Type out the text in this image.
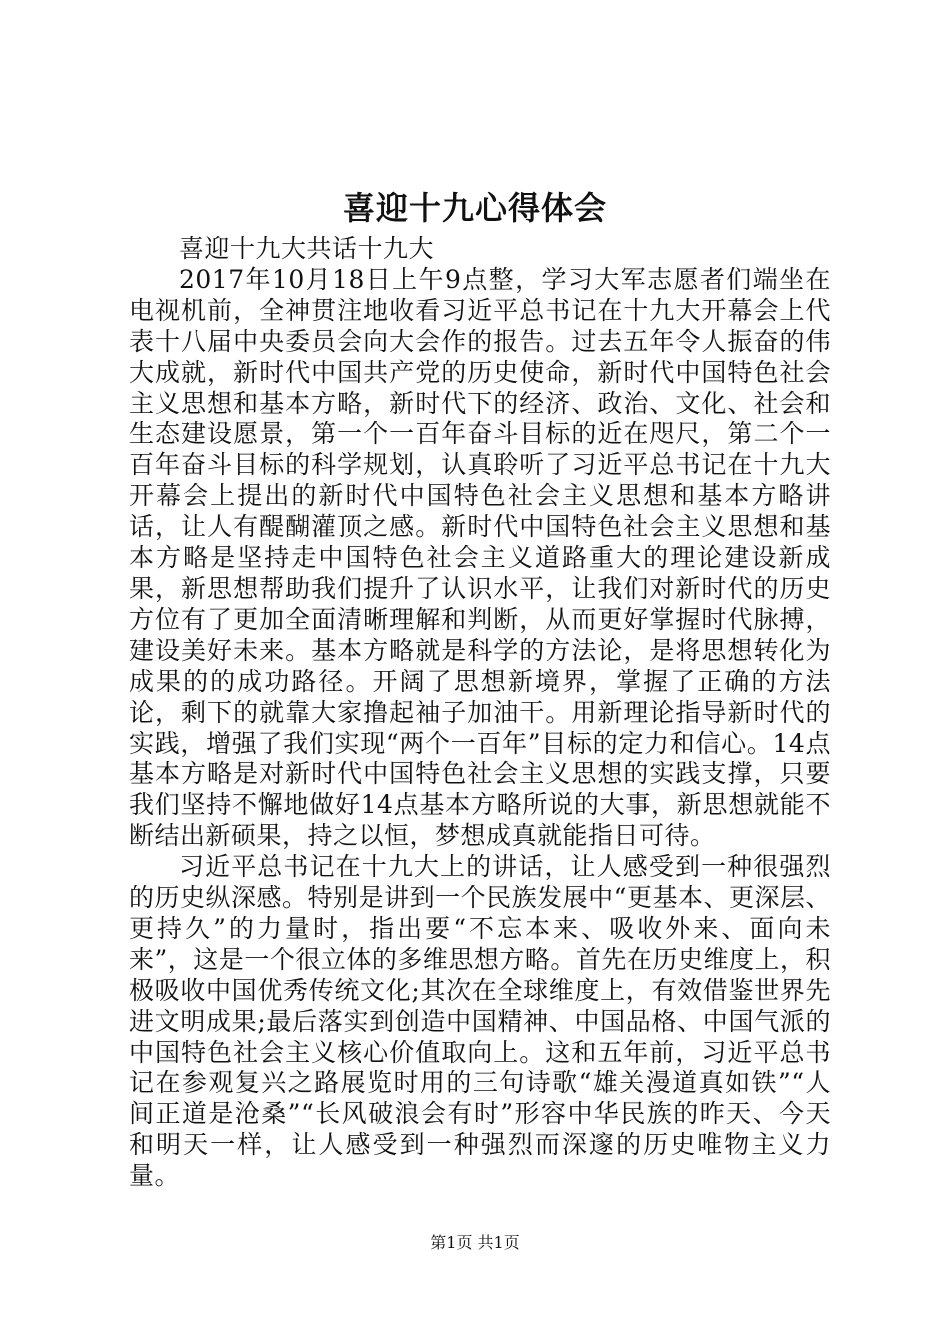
喜迎十九心得体会

喜迎十九大共话十九大

2017年10月18日上午9点整，学习大军志愿者们端坐在电视机前，全神贯注地收看习近平总书记在十九大开幕会上代表十八届中央委员会向大会作的报告。过去五年令人振奋的伟大成就，新时代中国共产党的历史使命，新时代中国特色社会主义思想和基本方略，新时代下的经济、政治、文化、社会和生态建设愿景，第一个一百年奋斗目标的近在咫尺，第二个一百年奋斗目标的科学规划，认真聆听了习近平总书记在十九大开幕会上提出的新时代中国特色社会主义思想和基本方略讲话，让人有醍醐灌顶之感。新时代中国特色社会主义思想和基本方略是坚持走中国特色社会主义道路重大的理论建设新成果，新思想帮助我们提升了认识水平，让我们对新时代的历史方位有了更加全面清晰理解和判断，从而更好掌握时代脉搏，建设美好未来。基本方略就是科学的方法论，是将思想转化为成果的的成功路径。开阔了思想新境界，掌握了正确的方法论，剩下的就靠大家撸起袖子加油干。用新理论指导新时代的实践，增强了我们实现“两个一百年”目标的定力和信心。14点基本方略是对新时代中国特色社会主义思想的实践支撑，只要我们坚持不懈地做好14点基本方略所说的大事，新思想就能不断结出新硕果，持之以恒，梦想成真就能指日可待。

习近平总书记在十九大上的讲话，让人感受到一种很强烈的历史纵深感。特别是讲到一个民族发展中“更基本、更深层、更持久”的力量时，指出要“不忘本来、吸收外来、面向未来”，这是一个很立体的多维思想方略。首先在历史维度上，积极吸收中国优秀传统文化;其次在全球维度上，有效借鉴世界先进文明成果;最后落实到创造中国精神、中国品格、中国气派的中国特色社会主义核心价值取向上。这和五年前，习近平总书记在参观复兴之路展览时用的三句诗歌“雄关漫道真如铁”“人间正道是沧桑”“长风破浪会有时”形容中华民族的昨天、今天和明天一样，让人感受到一种强烈而深邃的历史唯物主义力量。

第1页 共1页
